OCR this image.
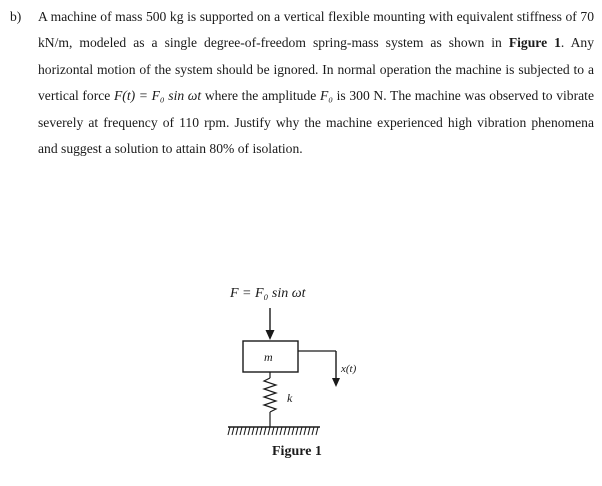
b) A machine of mass 500 kg is supported on a vertical flexible mounting with equivalent stiffness of 70 kN/m, modeled as a single degree-of-freedom spring-mass system as shown in Figure 1. Any horizontal motion of the system should be ignored. In normal operation the machine is subjected to a vertical force F(t) = F₀ sin ωt where the amplitude F₀ is 300 N. The machine was observed to vibrate severely at frequency of 110 rpm. Justify why the machine experienced high vibration phenomena and suggest a solution to attain 80% of isolation.
F = F₀ sin ωt
m
x(t)
k
Figure 1
